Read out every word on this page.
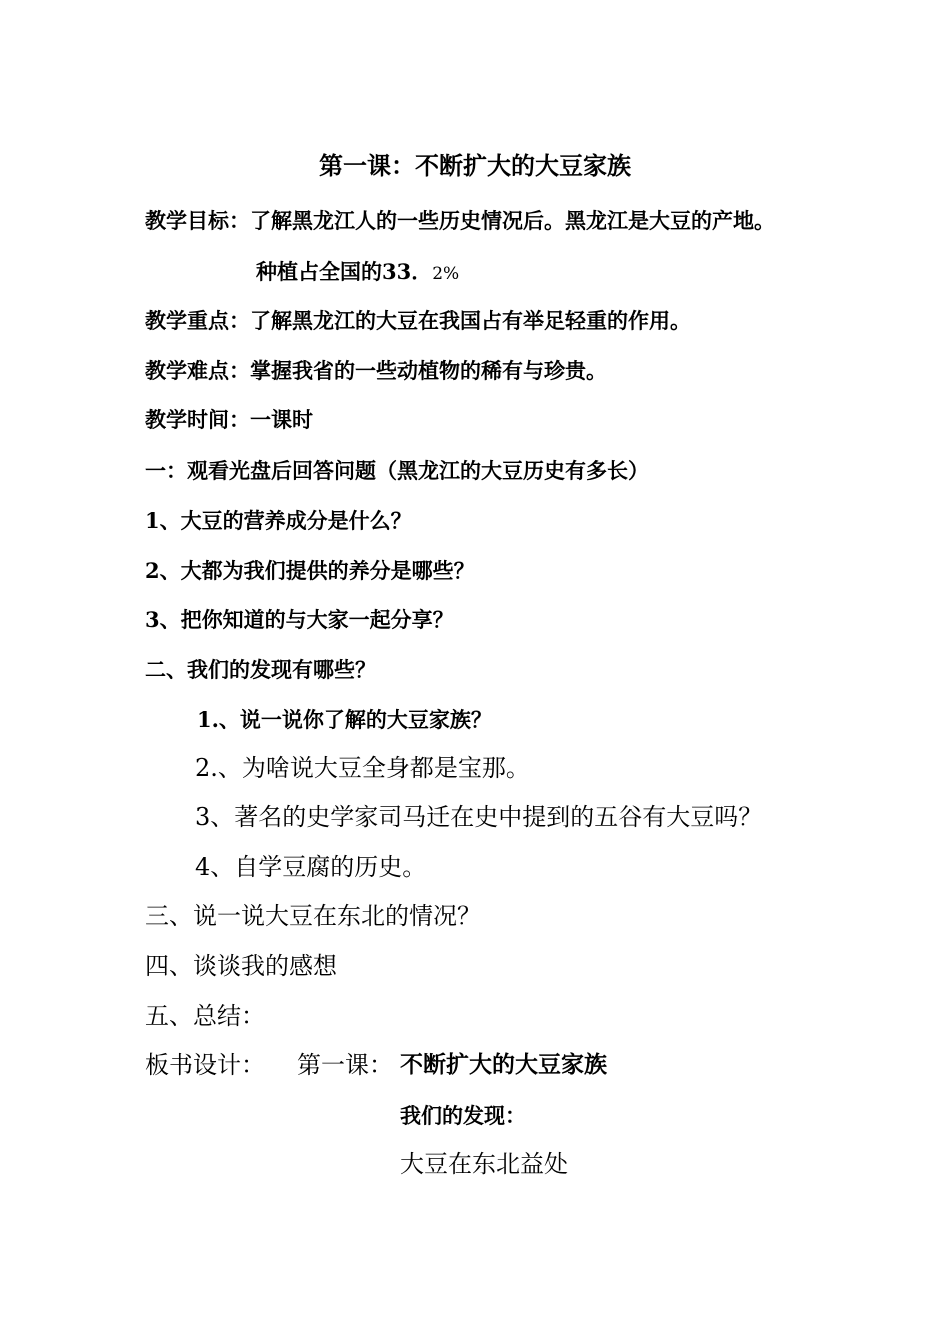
第一课：不断扩大的大豆家族
教学目标：了解黑龙江人的一些历史情况后。黑龙江是大豆的产地。
种植占全国的33．2%
教学重点：了解黑龙江的大豆在我国占有举足轻重的作用。
教学难点：掌握我省的一些动植物的稀有与珍贵。
教学时间：一课时
一：观看光盘后回答问题（黑龙江的大豆历史有多长）
1、大豆的营养成分是什么？
2、大都为我们提供的养分是哪些？
3、把你知道的与大家一起分享？
二、我们的发现有哪些？
1.、说一说你了解的大豆家族？
2.、为啥说大豆全身都是宝那。
3、著名的史学家司马迁在史中提到的五谷有大豆吗？
4、自学豆腐的历史。
三、说一说大豆在东北的情况？
四、谈谈我的感想
五、总结：
板书设计： 第一课： 不断扩大的大豆家族
我们的发现：
大豆在东北益处
